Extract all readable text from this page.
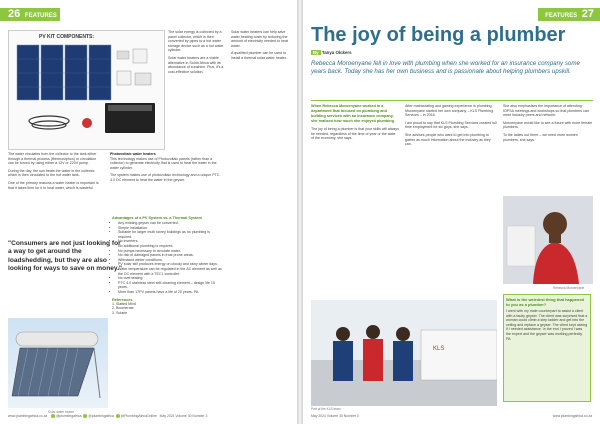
26 FEATURES
PV KIT COMPONENTS:

The solar energy is collected by a panel collector, which is then converted by pipes to a hot water storage device such as a hot water cylinder.

Solar water heaters are a viable alternative in South Africa with its abundance of sunshine. Plus, it's a cost-effective solution.

Solar water heaters can help save water heating costs by reducing the amount of electricity needed to heat water.

A qualified plumber can be used to install a thermal solar water heater.

The water circulates from the collector to the tank either through a thermal process (thermosiphon) or circulation can be forced by using either a 12V or 220V pump.

During the day, the sun heats the water in the collector, which is then circulated to the hot water tank.

One of the primary reasons a water heater is important is that it takes time for it to heat water, which is wasteful.

Photovoltaic water heaters

This technology makes use of Photovoltaic panels (rather than a collector) to generate electricity that is used to heat the water in the water cylinder.

The system makes use of photovoltaic technology and a unique PTC 4.0 DC element to heat the water in the geyser.

"Consumers are not just looking for a way to get around the loadshedding, but they are also looking for ways to save on money."
Advantages of a PV System vs. a Thermal System
• Any existing geyser can be converted.
• Simple installation.
• Suitable for larger multi storey buildings as no plumbing is required.
• No inverters.
• No additional plumbing is required.
• No pumps necessary to circulate water.
• No risk of damaged panels in frost prone areas.
• Withstand winter conditions.
• PV solar still produces energy on cloudy and rainy winter days.
• Water temperature can be regulated in the AC element as well as the DC element with a TEC1 controller.
• No overheating.
• PTC 4.0 stainless steel self-cleaning element – design life 15 years.
• More than 17PV panels have a life of 20 years. PA
References
1. Slatted Mind
2. Boomerate
3. Solarie
Solar water heater
www.plumbingafrica.co.za	@plumbingafrica @plumbingafrica @PlumbingAfricaOnline May 2024 Volume 30 Number 3
FEATURES 27
The joy of being a plumber
By Tanya Olckers
Rebecca Moroenyane fell in love with plumbing when she worked for an insurance company some years back. Today she has her own business and is passionate about helping plumbers upskill.

When Rebecca Moroenyane worked in a department that focused on plumbing and building services with an insurance company, she realised how much she enjoyed plumbing.

The joy of being a plumber is that your skills will always be needed, regardless of the time of year or the state of the economy, she says.

After matriculating and gaining experience in plumbing, Moroenyane started her own company – KLS Plumbing Services – in 2016.

I am proud to say that KLS Plumbing Services created full time employment for six guys, she says.

She advises people who want to get into plumbing to gather as much information about the industry as they can.

She also emphasises the importance of attending IOPSA meetings and workshops so that plumbers can meet industry peers and network.

Moroenyane would like to see a future with more female plumbers.

To the ladies out there – we need more women plumbers, she says.

Rebecca Moroenyane
KLS
Part of the KLS team
What is the weirdest thing that happened to you as a plumber?

I went with my male counterpart to assist a client with a faulty geyser. The client was surprised that a woman could climb a step ladder and get into the ceiling and replace a geyser. The client kept asking if I needed assistance. In the end I proved I was the expert and the geyser was working perfectly. PA

May 2024 Volume 30 Number 3	www.plumbingafrica.co.za
